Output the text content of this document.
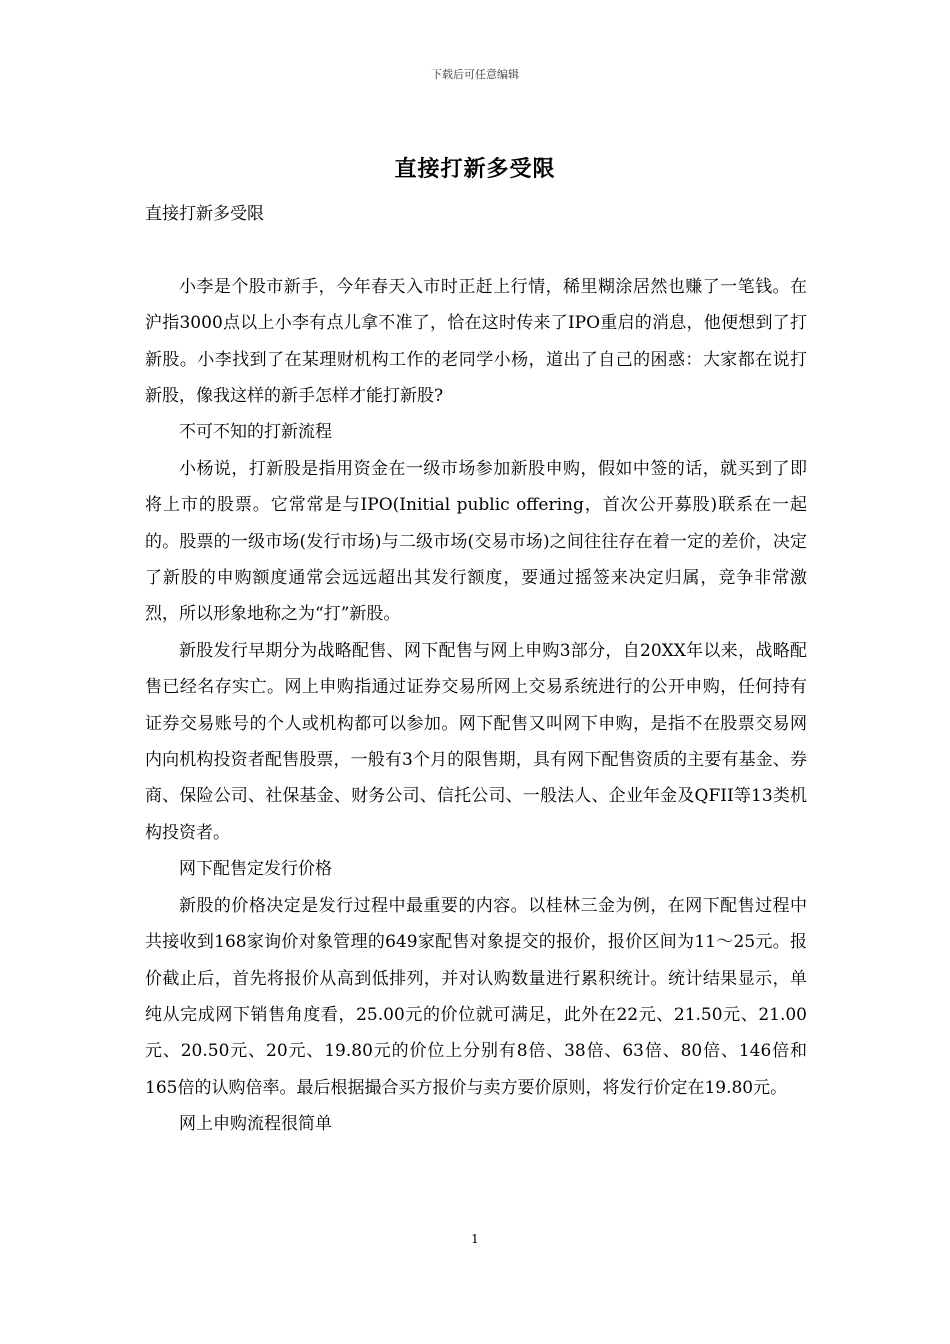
下载后可任意编辑
直接打新多受限

直接打新多受限

小李是个股市新手，今年春天入市时正赶上行情，稀里糊涂居然也赚了一笔钱。在沪指3000点以上小李有点儿拿不准了，恰在这时传来了IPO重启的消息，他便想到了打新股。小李找到了在某理财机构工作的老同学小杨，道出了自己的困惑：大家都在说打新股，像我这样的新手怎样才能打新股?

不可不知的打新流程

小杨说，打新股是指用资金在一级市场参加新股申购，假如中签的话，就买到了即将上市的股票。它常常是与IPO(Initial public offering，首次公开募股)联系在一起的。股票的一级市场(发行市场)与二级市场(交易市场)之间往往存在着一定的差价，决定了新股的申购额度通常会远远超出其发行额度，要通过摇签来决定归属，竞争非常激烈，所以形象地称之为“打”新股。

新股发行早期分为战略配售、网下配售与网上申购3部分，自20XX年以来，战略配售已经名存实亡。网上申购指通过证券交易所网上交易系统进行的公开申购，任何持有证券交易账号的个人或机构都可以参加。网下配售又叫网下申购，是指不在股票交易网内向机构投资者配售股票，一般有3个月的限售期，具有网下配售资质的主要有基金、券商、保险公司、社保基金、财务公司、信托公司、一般法人、企业年金及QFII等13类机构投资者。

网下配售定发行价格

新股的价格决定是发行过程中最重要的内容。以桂林三金为例，在网下配售过程中共接收到168家询价对象管理的649家配售对象提交的报价，报价区间为11～25元。报价截止后，首先将报价从高到低排列，并对认购数量进行累积统计。统计结果显示，单纯从完成网下销售角度看，25.00元的价位就可满足，此外在22元、21.50元、21.00元、20.50元、20元、19.80元的价位上分别有8倍、38倍、63倍、80倍、146倍和165倍的认购倍率。最后根据撮合买方报价与卖方要价原则，将发行价定在19.80元。

网上申购流程很简单

1
